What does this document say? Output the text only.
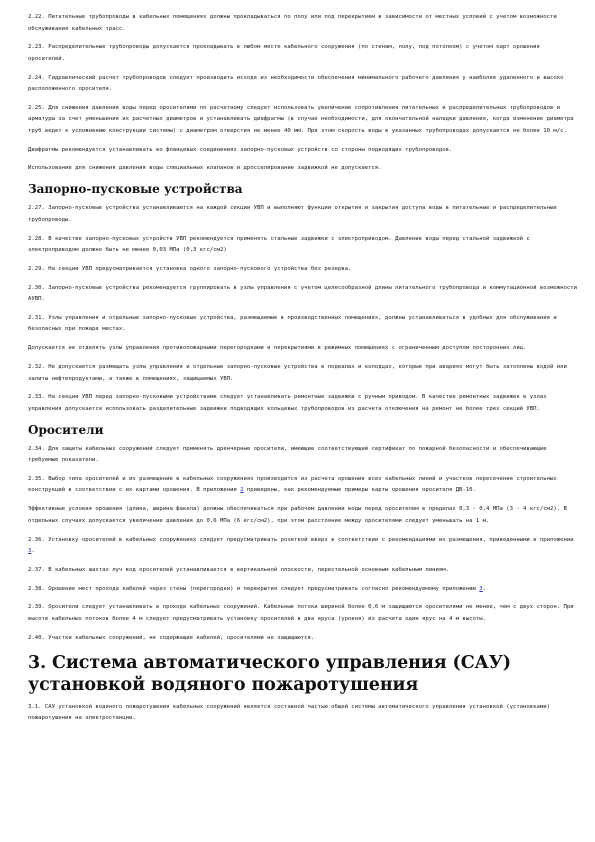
2.22. Питательные трубопроводы в кабельных помещениях должны прокладываться по полу или под перекрытием в зависимости от местных условий с учетом возможности обслуживания кабельных трасс.

2.23. Распределительные трубопроводы допускается прокладывать в любом месте кабельного сооружения (по стенам, полу, под потолком) с учетом карт орошения оросителей.

2.24. Гидравлический расчет трубопроводов следует производить исходя из необходимости обеспечения минимального рабочего давления у наиболее удаленного и высоко расположенного оросителя.

2.25. Для снижения давления воды перед оросителями по расчетному следует использовать увеличение сопротивления питательных и распределительных трубопроводов и арматуры за счет уменьшения их расчетных диаметров и устанавливать диафрагмы (в случае необходимости, для окончательной наладки давления, когда изменение диаметра труб ведет к усложнению конструкции системы) с диаметром отверстия не менее 40 мм. При этом скорость воды в указанных трубопроводах допускается не более 10 м/с.

Диафрагмы рекомендуется устанавливать во фланцевых соединениях запорно-пусковых устройств со стороны подводящих трубопроводов.

Использование для снижения давления воды специальных клапанов и дросселирование задвижкой не допускается.

Запорно-пусковые устройства

2.27. Запорно-пусковые устройства устанавливаются на каждой секции УВП и выполняют функции открытия и закрытия доступа воды в питательные и распределительные трубопроводы.

2.28. В качестве запорно-пусковых устройств УВП рекомендуется применять стальные задвижки с электроприводом. Давление воды перед стальной задвижкой с электроприводом должно быть не менее 0,03 МПа (0,3 кгс/см2)

2.29. На секции УВП предусматривается установка одного запорно-пускового устройства без резерва.

2.30. Запорно-пусковые устройства рекомендуется группировать в узлы управления с учетом целесообразной длины питательного трубопровода и коммутационной возможности АУВП.

2.31. Узлы управления и отдельные запорно-пусковые устройства, размещаемые в производственных помещениях, должны устанавливаться в удобных для обслуживания и безопасных при пожаре местах.

Допускается не отделять узлы управления противопожарными перегородками и перекрытиями в режимных помещениях с ограниченным доступом посторонних лиц.

2.32. Не допускается размещать узлы управления и отдельные запорно-пусковые устройства в подвалах и колодцах, которые при авариях могут быть затоплены водой или залиты нефтепродуктами, а также в помещениях, защищаемых УВП.

2.33. На секции УВП перед запорно-пусковыми устройствами следует устанавливать ремонтные задвижки с ручным приводом. В качестве ремонтных задвижек в узлах управления допускается использовать разделительные задвижки подводящих кольцевых трубопроводов из расчета отключения на ремонт не более трех секций УВП.

Оросители

2.34. Для защиты кабельных сооружений следует применять дренчерные оросители, имеющие соответствующий сертификат по пожарной безопасности и обеспечивающие требуемые показатели.

2.35. Выбор типа оросителей и их размещение в кабельных сооружениях производится из расчета орошения всех кабельных линий и участков пересечения строительных конструкций в соответствии с их картами орошения. В приложении 2 приведены, как рекомендуемые примеры карты орошения оросителя ДВ-10.

Эффективные условия орошения (длина, ширина факела) должны обеспечиваться при рабочем давлении воды перед оросителем в пределах 0,3 - 0,4 МПа (3 - 4 кгс/см2). В отдельных случаях допускается увеличение давления до 0,6 МПа (6 кгс/см2), при этом расстояние между оросителями следует уменьшать на 1 м.

2.36. Установку оросителей в кабельных сооружениях следует предусматривать розеткой вверх в соответствии с рекомендациями их размещения, приведенными в приложении 3.

2.37. В кабельных шахтах луч вод оросителей устанавливается в вертикальной плоскости, перестельной основным кабельным линиям.

2.38. Орошение мест прохода кабелей через стены (перегородки) и перекрытия следует предусматривать согласно рекомендуемому приложению 3.

2.39. Оросители следует устанавливать в проходе кабельных сооружений. Кабельные потоки шириной более 0,6 м защищаются оросителями не менее, чем с двух сторон. При высоте кабельных потоков более 4 м следует предусматривать установку оросителей в два яруса (уровня) из расчета один ярус на 4 м высоты.

2.40. Участки кабельных сооружений, не содержащие кабелей, оросителями не защищаются.

3. Система автоматического управления (САУ) установкой водяного пожаротушения

3.1. САУ установкой водяного пожаротушения кабельных сооружений является составной частью общей системы автоматического управления установкой (установками) пожаротушения на электростанции.
